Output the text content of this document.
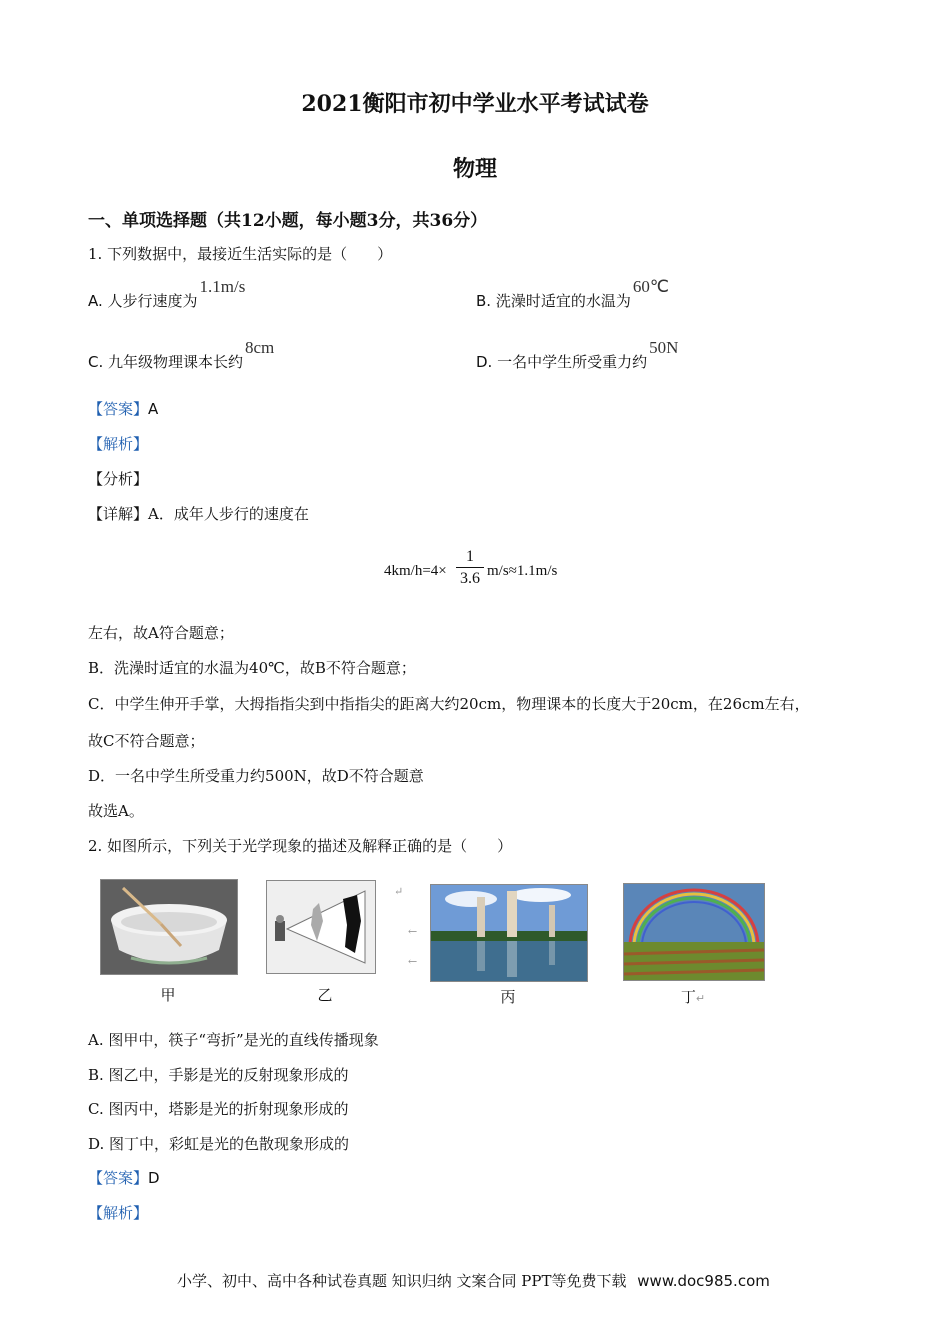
2021衡阳市初中学业水平考试试卷
物理
一、单项选择题（共12小题，每小题3分，共36分）
1. 下列数据中，最接近生活实际的是（　　）
A. 人步行速度为1.1m/s
B. 洗澡时适宜的水温为60℃
C. 九年级物理课本长约8cm
D. 一名中学生所受重力约50N
【答案】A
【解析】
【分析】
【详解】A．成年人步行的速度在
$4km/h=4\times \frac{1}{3.6} m/s\approx 1.1m/s$
左右，故A符合题意；
B．洗澡时适宜的水温为40℃，故B不符合题意；
C．中学生伸开手掌，大拇指指尖到中指指尖的距离大约20cm，物理课本的长度大于20cm，在26cm左右，
故C不符合题意；
D．一名中学生所受重力约500N，故D不符合题意
故选A。
2. 如图所示，下列关于光学现象的描述及解释正确的是（　　）
甲
↵
←
←
乙	丙	丁↵
A. 图甲中，筷子“弯折”是光的直线传播现象
B. 图乙中，手影是光的反射现象形成的
C. 图丙中，塔影是光的折射现象形成的
D. 图丁中，彩虹是光的色散现象形成的
【答案】D
【解析】
小学、初中、高中各种试卷真题 知识归纳 文案合同 PPT等免费下载 www.doc985.com
